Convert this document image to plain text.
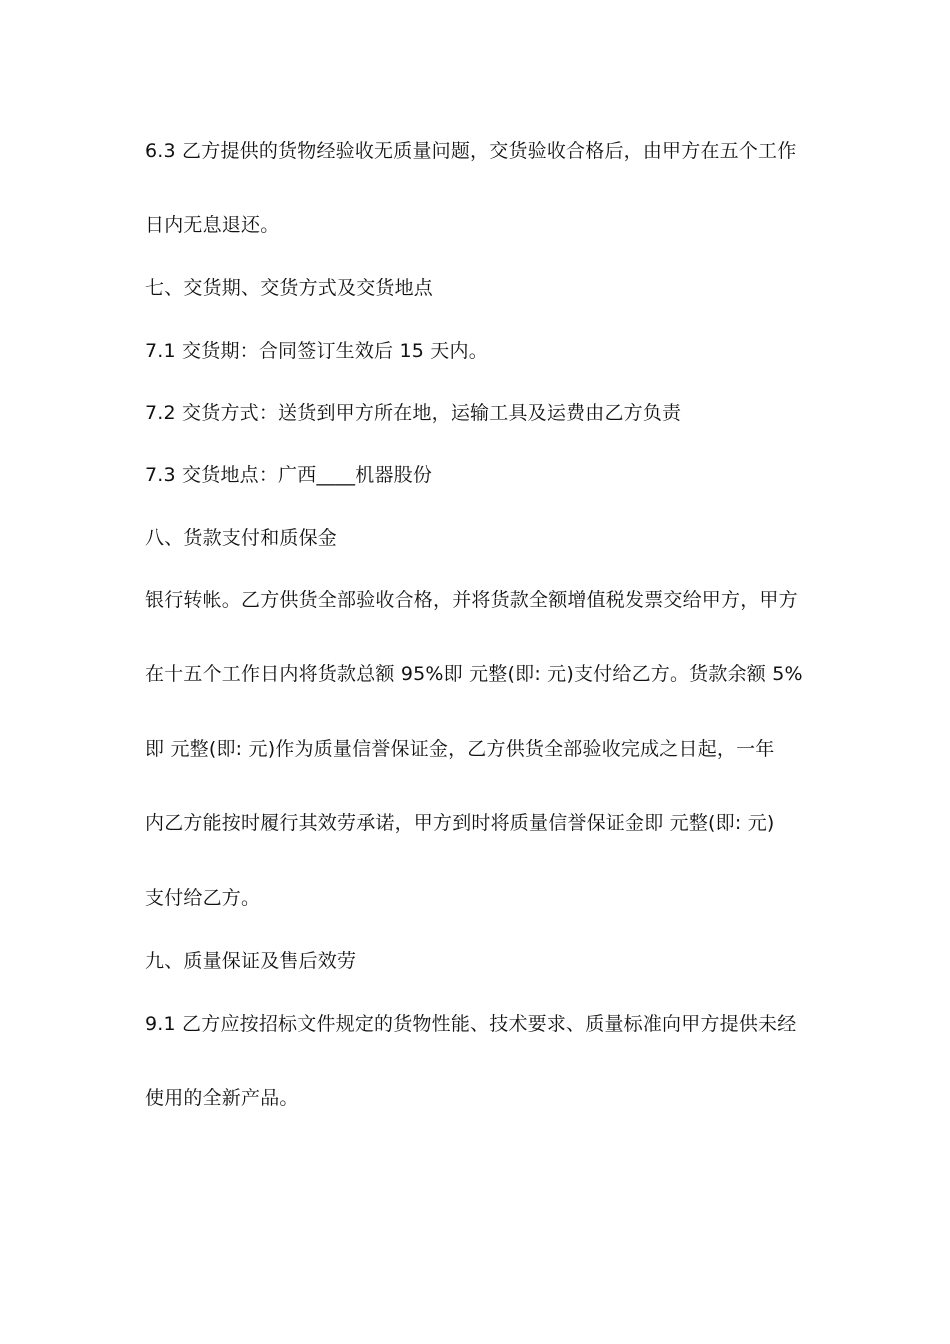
6.3 乙方提供的货物经验收无质量问题，交货验收合格后，由甲方在五个工作
日内无息退还。
七、交货期、交货方式及交货地点
7.1 交货期：合同签订生效后 15 天内。
7.2 交货方式：送货到甲方所在地，运输工具及运费由乙方负责
7.3 交货地点：广西____机器股份
八、货款支付和质保金
银行转帐。乙方供货全部验收合格，并将货款全额增值税发票交给甲方，甲方
在十五个工作日内将货款总额 95%即 元整(即: 元)支付给乙方。货款余额 5%
即 元整(即: 元)作为质量信誉保证金，乙方供货全部验收完成之日起，一年
内乙方能按时履行其效劳承诺，甲方到时将质量信誉保证金即 元整(即: 元)
支付给乙方。
九、质量保证及售后效劳
9.1 乙方应按招标文件规定的货物性能、技术要求、质量标准向甲方提供未经
使用的全新产品。
